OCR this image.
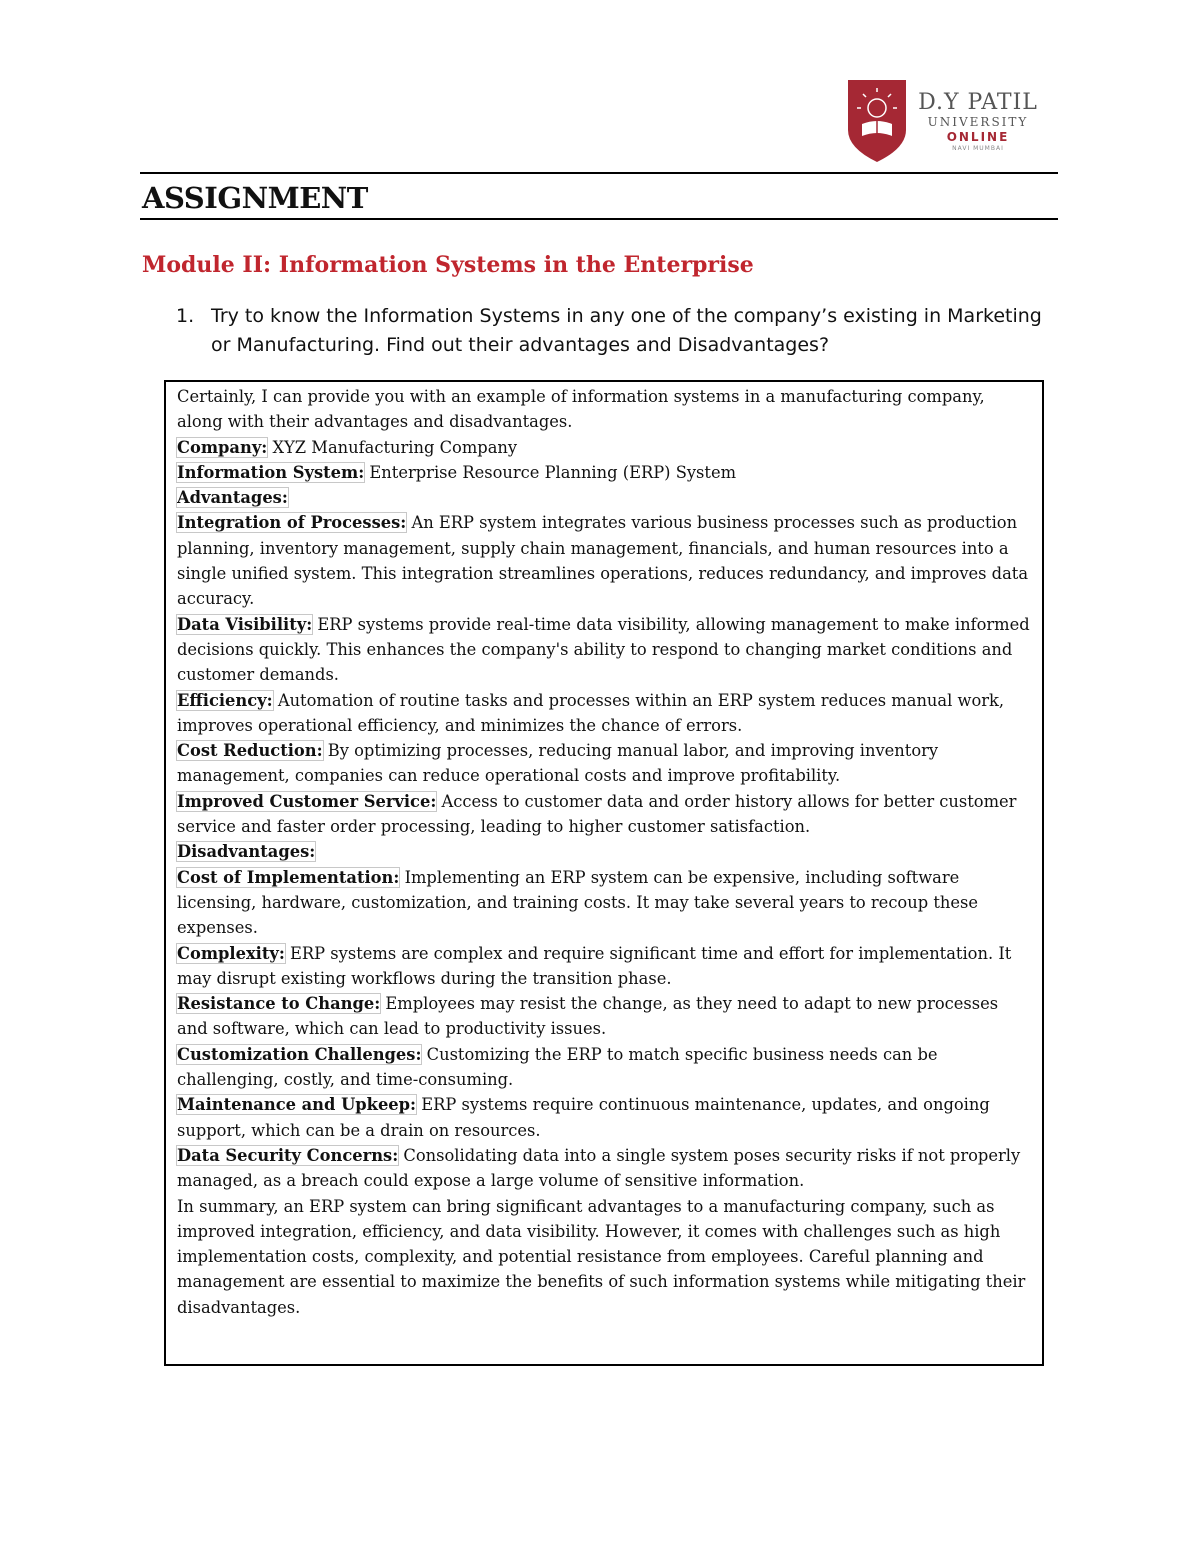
D.Y PATIL
UNIVERSITY
ONLINE
NAVI MUMBAI
ASSIGNMENT
Module II: Information Systems in the Enterprise
1. Try to know the Information Systems in any one of the company’s existing in Marketing or Manufacturing. Find out their advantages and Disadvantages?

Certainly, I can provide you with an example of information systems in a manufacturing company, along with their advantages and disadvantages.

Company: XYZ Manufacturing Company

Information System: Enterprise Resource Planning (ERP) System

Advantages:

Integration of Processes: An ERP system integrates various business processes such as production planning, inventory management, supply chain management, financials, and human resources into a single unified system. This integration streamlines operations, reduces redundancy, and improves data accuracy.

Data Visibility: ERP systems provide real-time data visibility, allowing management to make informed decisions quickly. This enhances the company's ability to respond to changing market conditions and customer demands.

Efficiency: Automation of routine tasks and processes within an ERP system reduces manual work, improves operational efficiency, and minimizes the chance of errors.

Cost Reduction: By optimizing processes, reducing manual labor, and improving inventory management, companies can reduce operational costs and improve profitability.

Improved Customer Service: Access to customer data and order history allows for better customer service and faster order processing, leading to higher customer satisfaction.

Disadvantages:

Cost of Implementation: Implementing an ERP system can be expensive, including software licensing, hardware, customization, and training costs. It may take several years to recoup these expenses.

Complexity: ERP systems are complex and require significant time and effort for implementation. It may disrupt existing workflows during the transition phase.

Resistance to Change: Employees may resist the change, as they need to adapt to new processes and software, which can lead to productivity issues.

Customization Challenges: Customizing the ERP to match specific business needs can be challenging, costly, and time-consuming.

Maintenance and Upkeep: ERP systems require continuous maintenance, updates, and ongoing support, which can be a drain on resources.

Data Security Concerns: Consolidating data into a single system poses security risks if not properly managed, as a breach could expose a large volume of sensitive information.

In summary, an ERP system can bring significant advantages to a manufacturing company, such as improved integration, efficiency, and data visibility. However, it comes with challenges such as high implementation costs, complexity, and potential resistance from employees. Careful planning and management are essential to maximize the benefits of such information systems while mitigating their disadvantages.
